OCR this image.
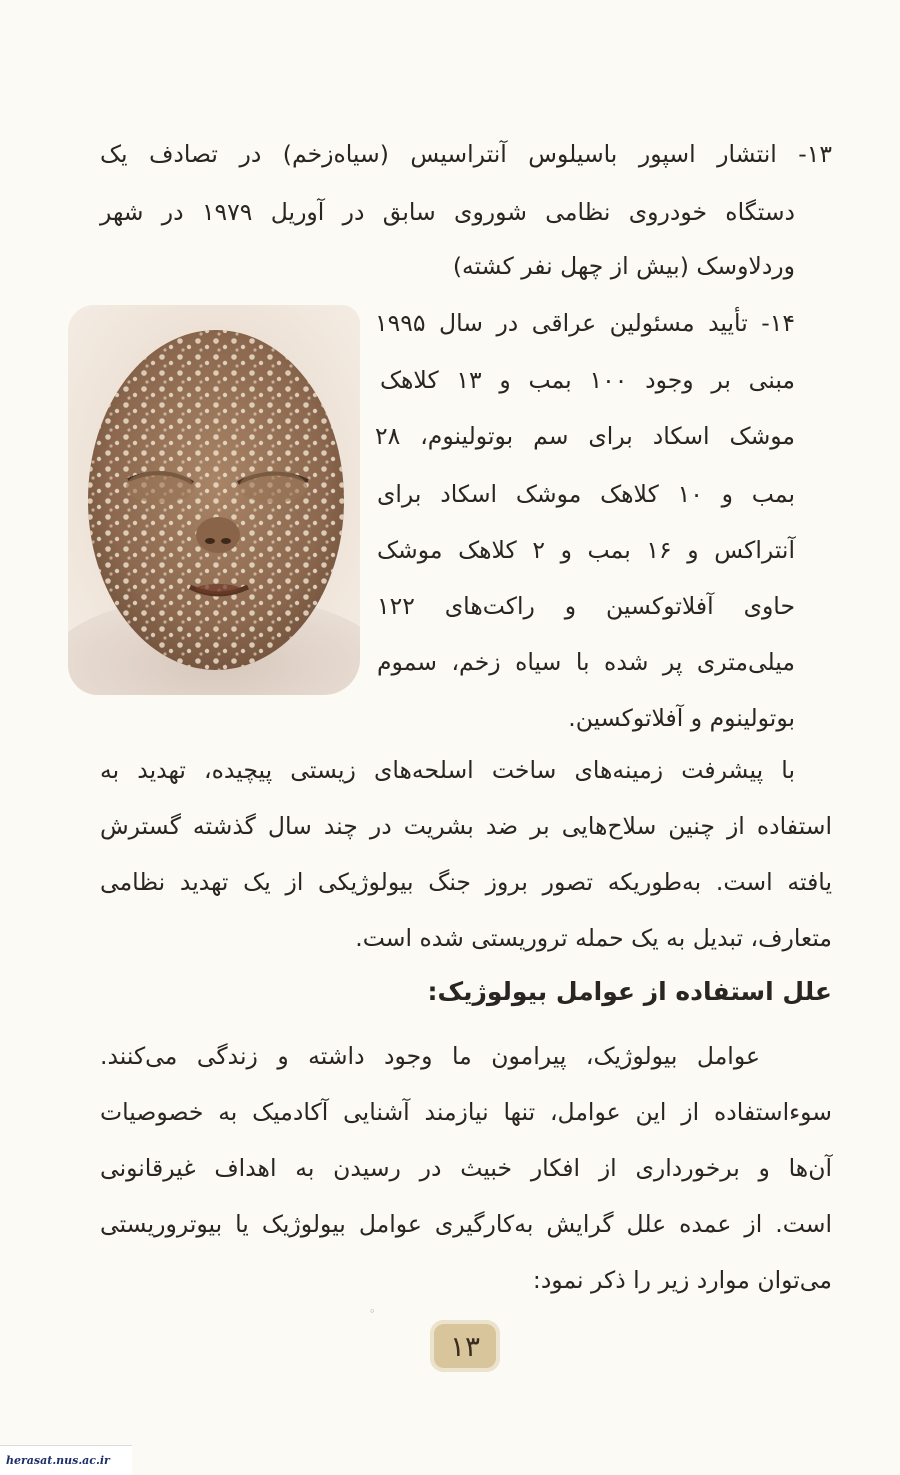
۱۳- انتشار اسپور باسیلوس آنتراسیس (سیاه‌زخم) در تصادف یک
دستگاه خودروی نظامی شوروی سابق در آوریل ۱۹۷۹ در شهر
وردلاوسک (بیش از چهل نفر کشته)
۱۴- تأیید مسئولین عراقی در سال ۱۹۹۵
مبنی بر وجود ۱۰۰ بمب و ۱۳ کلاهک
موشک اسکاد برای سم بوتولینوم، ۲۸
بمب و ۱۰ کلاهک موشک اسکاد برای
آنتراکس و ۱۶ بمب و ۲ کلاهک موشک
حاوی آفلاتوکسین و راکت‌های ۱۲۲
میلی‌متری پر شده با سیاه زخم، سموم
بوتولینوم و آفلاتوکسین.
با پیشرفت زمینه‌های ساخت اسلحه‌های زیستی پیچیده، تهدید به
استفاده از چنین سلاح‌هایی بر ضد بشریت در چند سال گذشته گسترش
یافته است. به‌طوریکه تصور بروز جنگ بیولوژیکی از یک تهدید نظامی
متعارف، تبدیل به یک حمله تروریستی شده است.
علل استفاده از عوامل بیولوژیک:
عوامل بیولوژیک، پیرامون ما وجود داشته و زندگی می‌کنند.
سوءاستفاده از این عوامل، تنها نیازمند آشنایی آکادمیک به خصوصیات
آن‌ها و برخورداری از افکار خبیث در رسیدن به اهداف غیرقانونی
است. از عمده علل گرایش به‌کارگیری عوامل بیولوژیک یا بیوتروریستی
می‌توان موارد زیر را ذکر نمود:
◦
۱۳
herasat.nus.ac.ir
